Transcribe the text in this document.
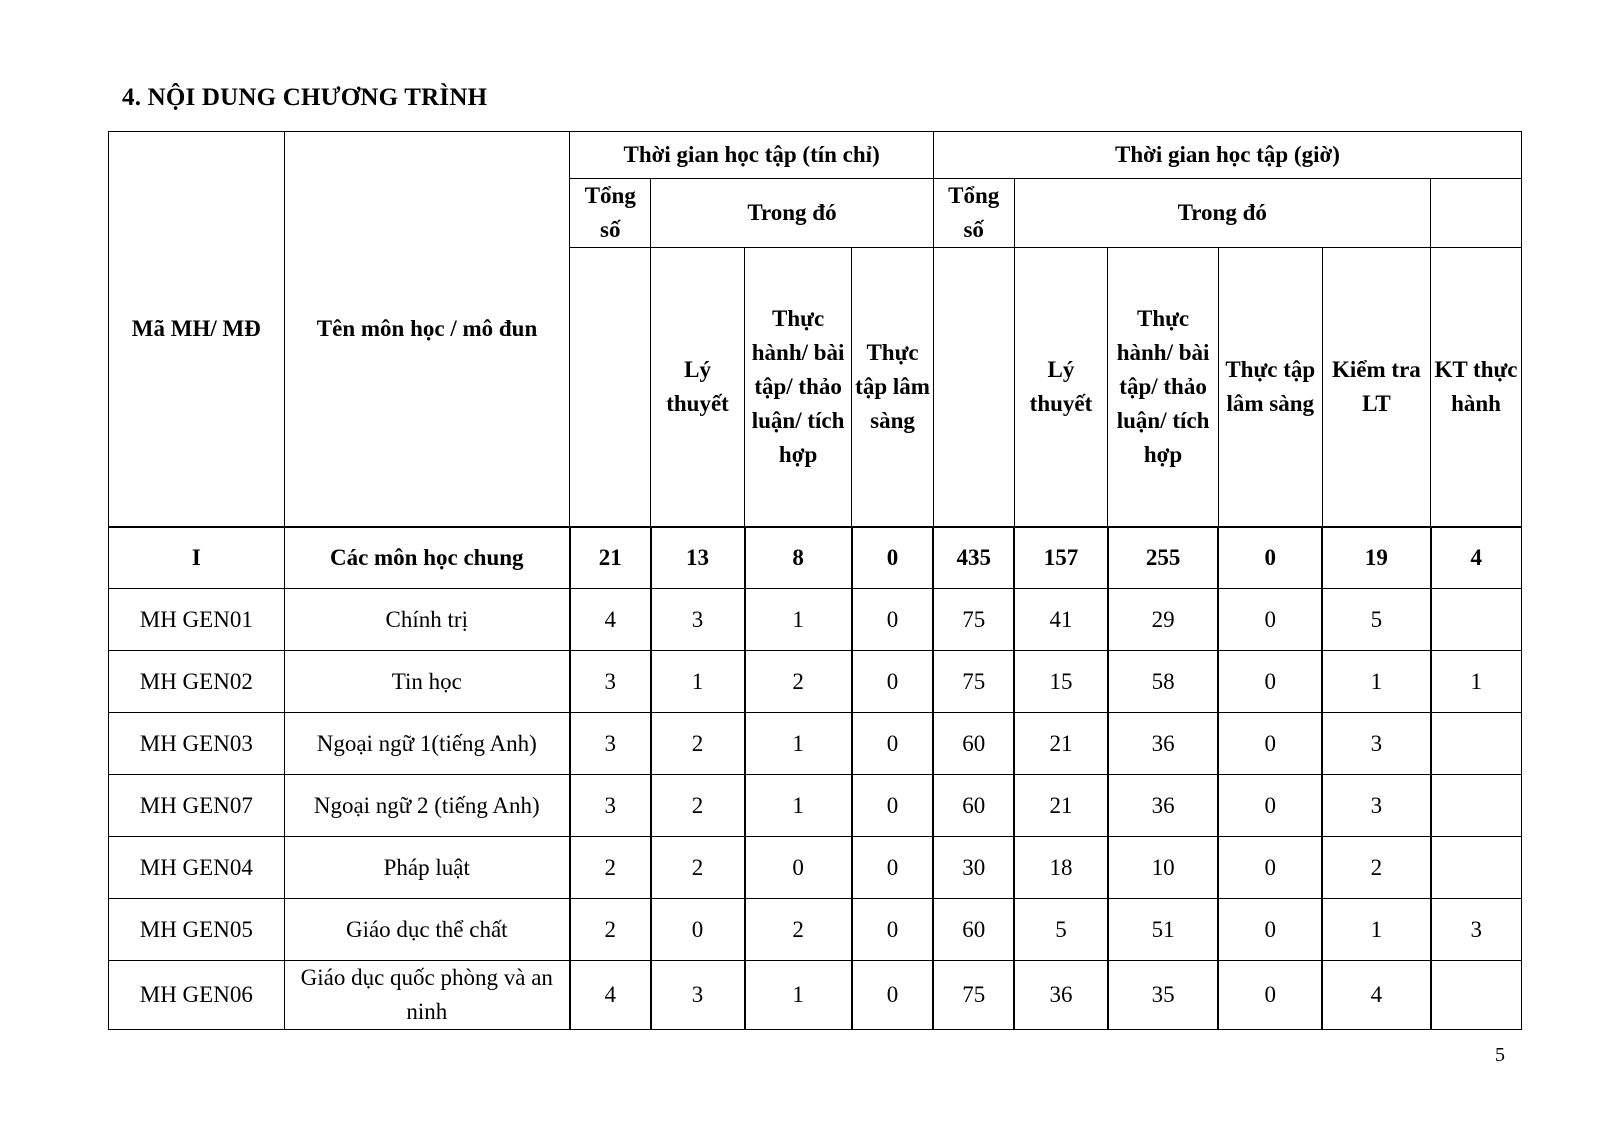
4. NỘI DUNG CHƯƠNG TRÌNH
Mã MH/ MĐ	Tên môn học / mô đun	Thời gian học tập (tín chỉ)				Thời gian học tập (giờ)					
		Tổng số	Trong đó			Tổng số	Trong đó				
			Lý thuyết	Thực hành/ bài tập/ thảo luận/ tích hợp	Thực tập lâm sàng		Lý thuyết	Thực hành/ bài tập/ thảo luận/ tích hợp	Thực tập lâm sàng	Kiểm tra LT	KT thực hành
I	Các môn học chung	21	13	8	0	435	157	255	0	19	4
MH GEN01	Chính trị	4	3	1	0	75	41	29	0	5	
MH GEN02	Tin học	3	1	2	0	75	15	58	0	1	1
MH GEN03	Ngoại ngữ 1(tiếng Anh)	3	2	1	0	60	21	36	0	3	
MH GEN07	Ngoại ngữ 2 (tiếng Anh)	3	2	1	0	60	21	36	0	3	
MH GEN04	Pháp luật	2	2	0	0	30	18	10	0	2	
MH GEN05	Giáo dục thể chất	2	0	2	0	60	5	51	0	1	3
MH GEN06	Giáo dục quốc phòng và an ninh	4	3	1	0	75	36	35	0	4	
5
